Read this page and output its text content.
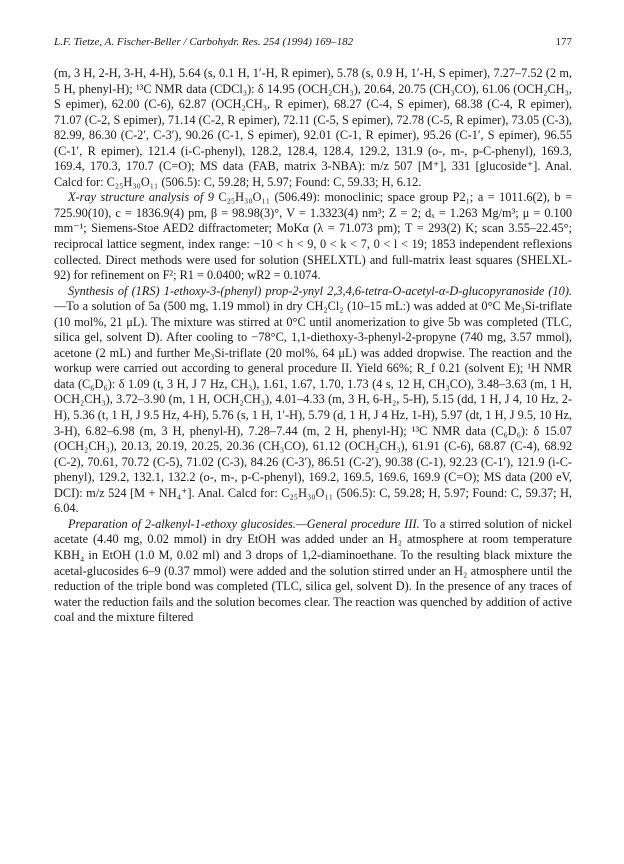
L.F. Tietze, A. Fischer-Beller / Carbohydr. Res. 254 (1994) 169–182	177

(m, 3 H, 2-H, 3-H, 4-H), 5.64 (s, 0.1 H, 1′-H, R epimer), 5.78 (s, 0.9 H, 1′-H, S epimer), 7.27–7.52 (2 m, 5 H, phenyl-H); ¹³C NMR data (CDCl₃): δ 14.95 (OCH₂CH₃), 20.64, 20.75 (CH₃CO), 61.06 (OCH₂CH₃, S epimer), 62.00 (C-6), 62.87 (OCH₂CH₃, R epimer), 68.27 (C-4, S epimer), 68.38 (C-4, R epimer), 71.07 (C-2, S epimer), 71.14 (C-2, R epimer), 72.11 (C-5, S epimer), 72.78 (C-5, R epimer), 73.05 (C-3), 82.99, 86.30 (C-2′, C-3′), 90.26 (C-1, S epimer), 92.01 (C-1, R epimer), 95.26 (C-1′, S epimer), 96.55 (C-1′, R epimer), 121.4 (i-C-phenyl), 128.2, 128.4, 128.4, 129.2, 131.9 (o-, m-, p-C-phenyl), 169.3, 169.4, 170.3, 170.7 (C=O); MS data (FAB, matrix 3-NBA): m/z 507 [M⁺], 331 [glucoside⁺]. Anal. Calcd for: C₂₅H₃₀O₁₁ (506.5): C, 59.28; H, 5.97; Found: C, 59.33; H, 6.12.

X-ray structure analysis of 9 C₂₅H₃₀O₁₁ (506.49): monoclinic; space group P2₁; a = 1011.6(2), b = 725.90(10), c = 1836.9(4) pm, β = 98.98(3)°, V = 1.3323(4) nm³; Z = 2; dₓ = 1.263 Mg/m³; μ = 0.100 mm⁻¹; Siemens-Stoe AED2 diffractometer; MoKα (λ = 71.073 pm); T = 293(2) K; scan 3.55–22.45°; reciprocal lattice segment, index range: −10 < h < 9, 0 < k < 7, 0 < l < 19; 1853 independent reflexions collected. Direct methods were used for solution (SHELXTL) and full-matrix least squares (SHELXL-92) for refinement on F²; R1 = 0.0400; wR2 = 0.1074.

Synthesis of (1RS) 1-ethoxy-3-(phenyl) prop-2-ynyl 2,3,4,6-tetra-O-acetyl-α-D-glucopyranoside (10).—To a solution of 5a (500 mg, 1.19 mmol) in dry CH₂Cl₂ (10–15 mL:) was added at 0°C Me₃Si-triflate (10 mol%, 21 μL). The mixture was stirred at 0°C until anomerization to give 5b was completed (TLC, silica gel, solvent D). After cooling to −78°C, 1,1-diethoxy-3-phenyl-2-propyne (740 mg, 3.57 mmol), acetone (2 mL) and further Me₃Si-triflate (20 mol%, 64 μL) was added dropwise. The reaction and the workup were carried out according to general procedure II. Yield 66%; R_f 0.21 (solvent E); ¹H NMR data (C₆D₆): δ 1.09 (t, 3 H, J 7 Hz, CH₃), 1.61, 1.67, 1.70, 1.73 (4 s, 12 H, CH₃CO), 3.48–3.63 (m, 1 H, OCH₂CH₃), 3.72–3.90 (m, 1 H, OCH₂CH₃), 4.01–4.33 (m, 3 H, 6-H₂, 5-H), 5.15 (dd, 1 H, J 4, 10 Hz, 2-H), 5.36 (t, 1 H, J 9.5 Hz, 4-H), 5.76 (s, 1 H, 1′-H), 5.79 (d, 1 H, J 4 Hz, 1-H), 5.97 (dt, 1 H, J 9.5, 10 Hz, 3-H), 6.82–6.98 (m, 3 H, phenyl-H), 7.28–7.44 (m, 2 H, phenyl-H); ¹³C NMR data (C₆D₆): δ 15.07 (OCH₂CH₃), 20.13, 20.19, 20.25, 20.36 (CH₃CO), 61.12 (OCH₂CH₃), 61.91 (C-6), 68.87 (C-4), 68.92 (C-2), 70.61, 70.72 (C-5), 71.02 (C-3), 84.26 (C-3′), 86.51 (C-2′), 90.38 (C-1), 92.23 (C-1′), 121.9 (i-C-phenyl), 129.2, 132.1, 132.2 (o-, m-, p-C-phenyl), 169.2, 169.5, 169.6, 169.9 (C=O); MS data (200 eV, DCI): m/z 524 [M + NH₄⁺]. Anal. Calcd for: C₂₅H₃₀O₁₁ (506.5): C, 59.28; H, 5.97; Found: C, 59.37; H, 6.04.

Preparation of 2-alkenyl-1-ethoxy glucosides.—General procedure III. To a stirred solution of nickel acetate (4.40 mg, 0.02 mmol) in dry EtOH was added under an H₂ atmosphere at room temperature KBH₄ in EtOH (1.0 M, 0.02 ml) and 3 drops of 1,2-diaminoethane. To the resulting black mixture the acetal-glucosides 6–9 (0.37 mmol) were added and the solution stirred under an H₂ atmosphere until the reduction of the triple bond was completed (TLC, silica gel, solvent D). In the presence of any traces of water the reduction fails and the solution becomes clear. The reaction was quenched by addition of active coal and the mixture filtered
